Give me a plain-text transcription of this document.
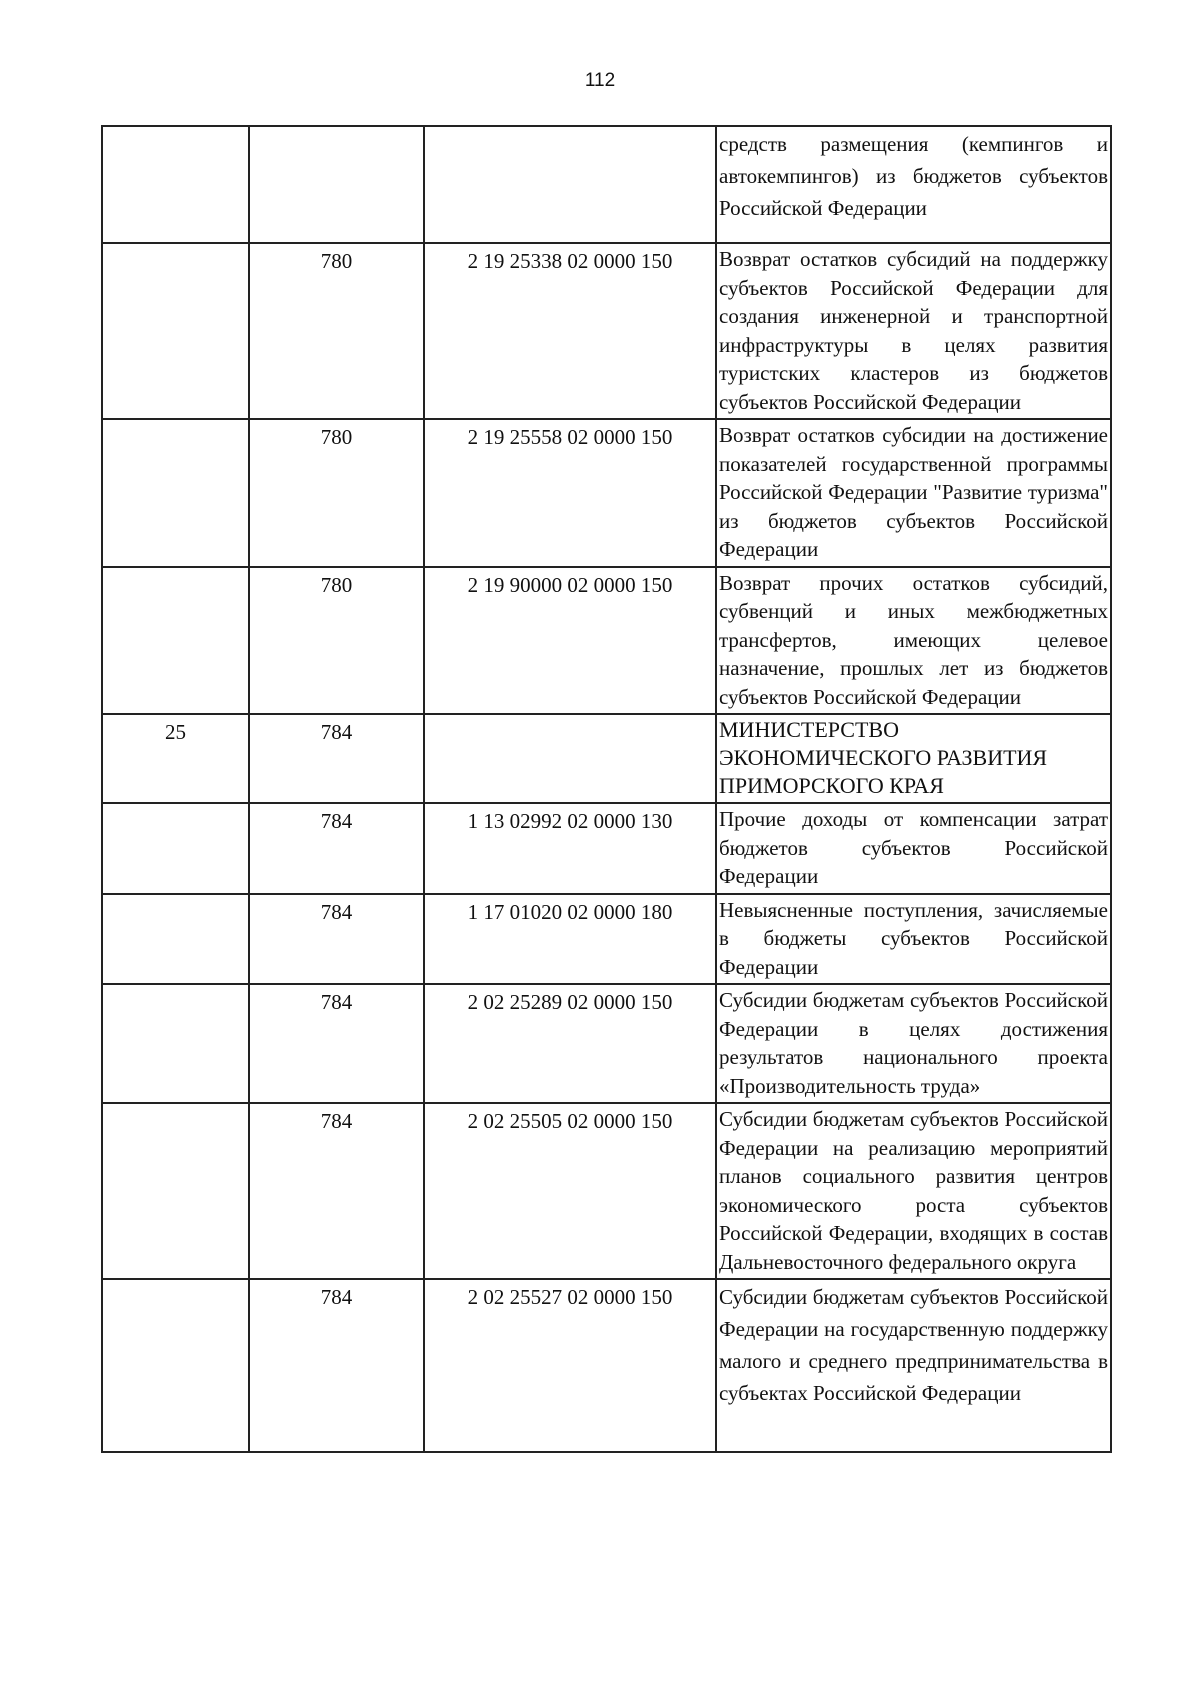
112
			средств размещения (кемпингов и автокемпингов) из бюджетов субъектов Российской Федерации
	780	2 19 25338 02 0000 150	Возврат остатков субсидий на поддержку субъектов Российской Федерации для создания инженерной и транспортной инфраструктуры в целях развития туристских кластеров из бюджетов субъектов Российской Федерации
	780	2 19 25558 02 0000 150	Возврат остатков субсидии на достижение показателей государственной программы Российской Федерации "Развитие туризма" из бюджетов субъектов Российской Федерации
	780	2 19 90000 02 0000 150	Возврат прочих остатков субсидий, субвенций и иных межбюджетных трансфертов, имеющих целевое назначение, прошлых лет из бюджетов субъектов Российской Федерации
25	784		МИНИСТЕРСТВО ЭКОНОМИЧЕСКОГО РАЗВИТИЯ ПРИМОРСКОГО КРАЯ
	784	1 13 02992 02 0000 130	Прочие доходы от компенсации затрат бюджетов субъектов Российской Федерации
	784	1 17 01020 02 0000 180	Невыясненные поступления, зачисляемые в бюджеты субъектов Российской Федерации
	784	2 02 25289 02 0000 150	Субсидии бюджетам субъектов Российской Федерации в целях достижения результатов национального проекта «Производительность труда»
	784	2 02 25505 02 0000 150	Субсидии бюджетам субъектов Российской Федерации на реализацию мероприятий планов социального развития центров экономического роста субъектов Российской Федерации, входящих в состав Дальневосточного федерального округа
	784	2 02 25527 02 0000 150	Субсидии бюджетам субъектов Российской Федерации на государственную поддержку малого и среднего предпринимательства в субъектах Российской Федерации
